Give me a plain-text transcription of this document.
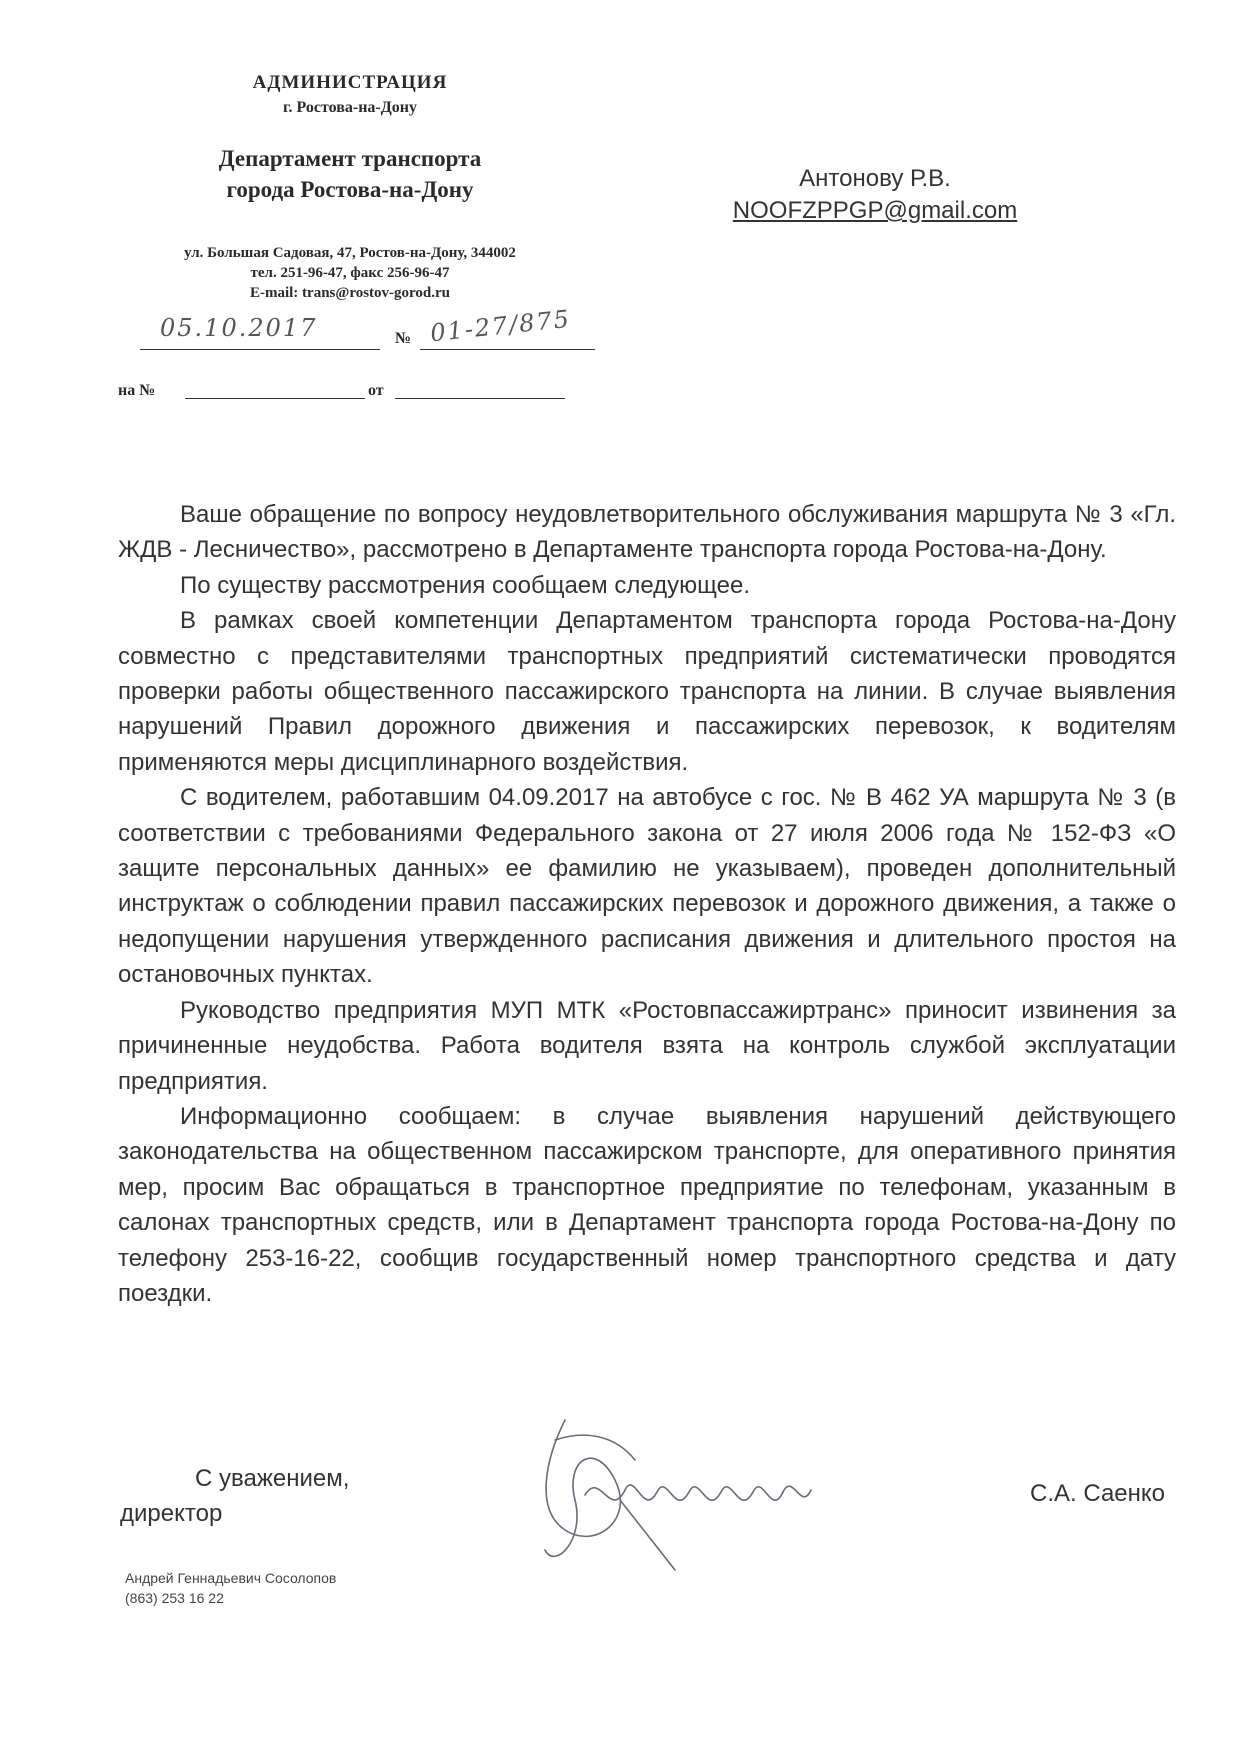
АДМИНИСТРАЦИЯ
г. Ростова-на-Дону
Департамент транспорта
города Ростова-на-Дону
ул. Большая Садовая, 47, Ростов-на-Дону, 344002
тел. 251-96-47, факс 256-96-47
E-mail: trans@rostov-gorod.ru
05.10.2017	№ 01-27/875
на №	от
Антонову Р.В.
NOOFZPPGP@gmail.com

Ваше обращение по вопросу неудовлетворительного обслуживания маршрута № 3 «Гл. ЖДВ - Лесничество», рассмотрено в Департаменте транспорта города Ростова-на-Дону.

По существу рассмотрения сообщаем следующее.

В рамках своей компетенции Департаментом транспорта города Ростова-на-Дону совместно с представителями транспортных предприятий систематически проводятся проверки работы общественного пассажирского транспорта на линии. В случае выявления нарушений Правил дорожного движения и пассажирских перевозок, к водителям применяются меры дисциплинарного воздействия.

С водителем, работавшим 04.09.2017 на автобусе с гос. № В 462 УА маршрута № 3 (в соответствии с требованиями Федерального закона от 27 июля 2006 года № 152-ФЗ «О защите персональных данных» ее фамилию не указываем), проведен дополнительный инструктаж о соблюдении правил пассажирских перевозок и дорожного движения, а также о недопущении нарушения утвержденного расписания движения и длительного простоя на остановочных пунктах.

Руководство предприятия МУП МТК «Ростовпассажиртранс» приносит извинения за причиненные неудобства. Работа водителя взята на контроль службой эксплуатации предприятия.

Информационно сообщаем: в случае выявления нарушений действующего законодательства на общественном пассажирском транспорте, для оперативного принятия мер, просим Вас обращаться в транспортное предприятие по телефонам, указанным в салонах транспортных средств, или в Департамент транспорта города Ростова-на-Дону по телефону 253-16-22, сообщив государственный номер транспортного средства и дату поездки.

С уважением,
директор
С.А. Саенко
Андрей Геннадьевич Сосолопов
(863) 253 16 22
